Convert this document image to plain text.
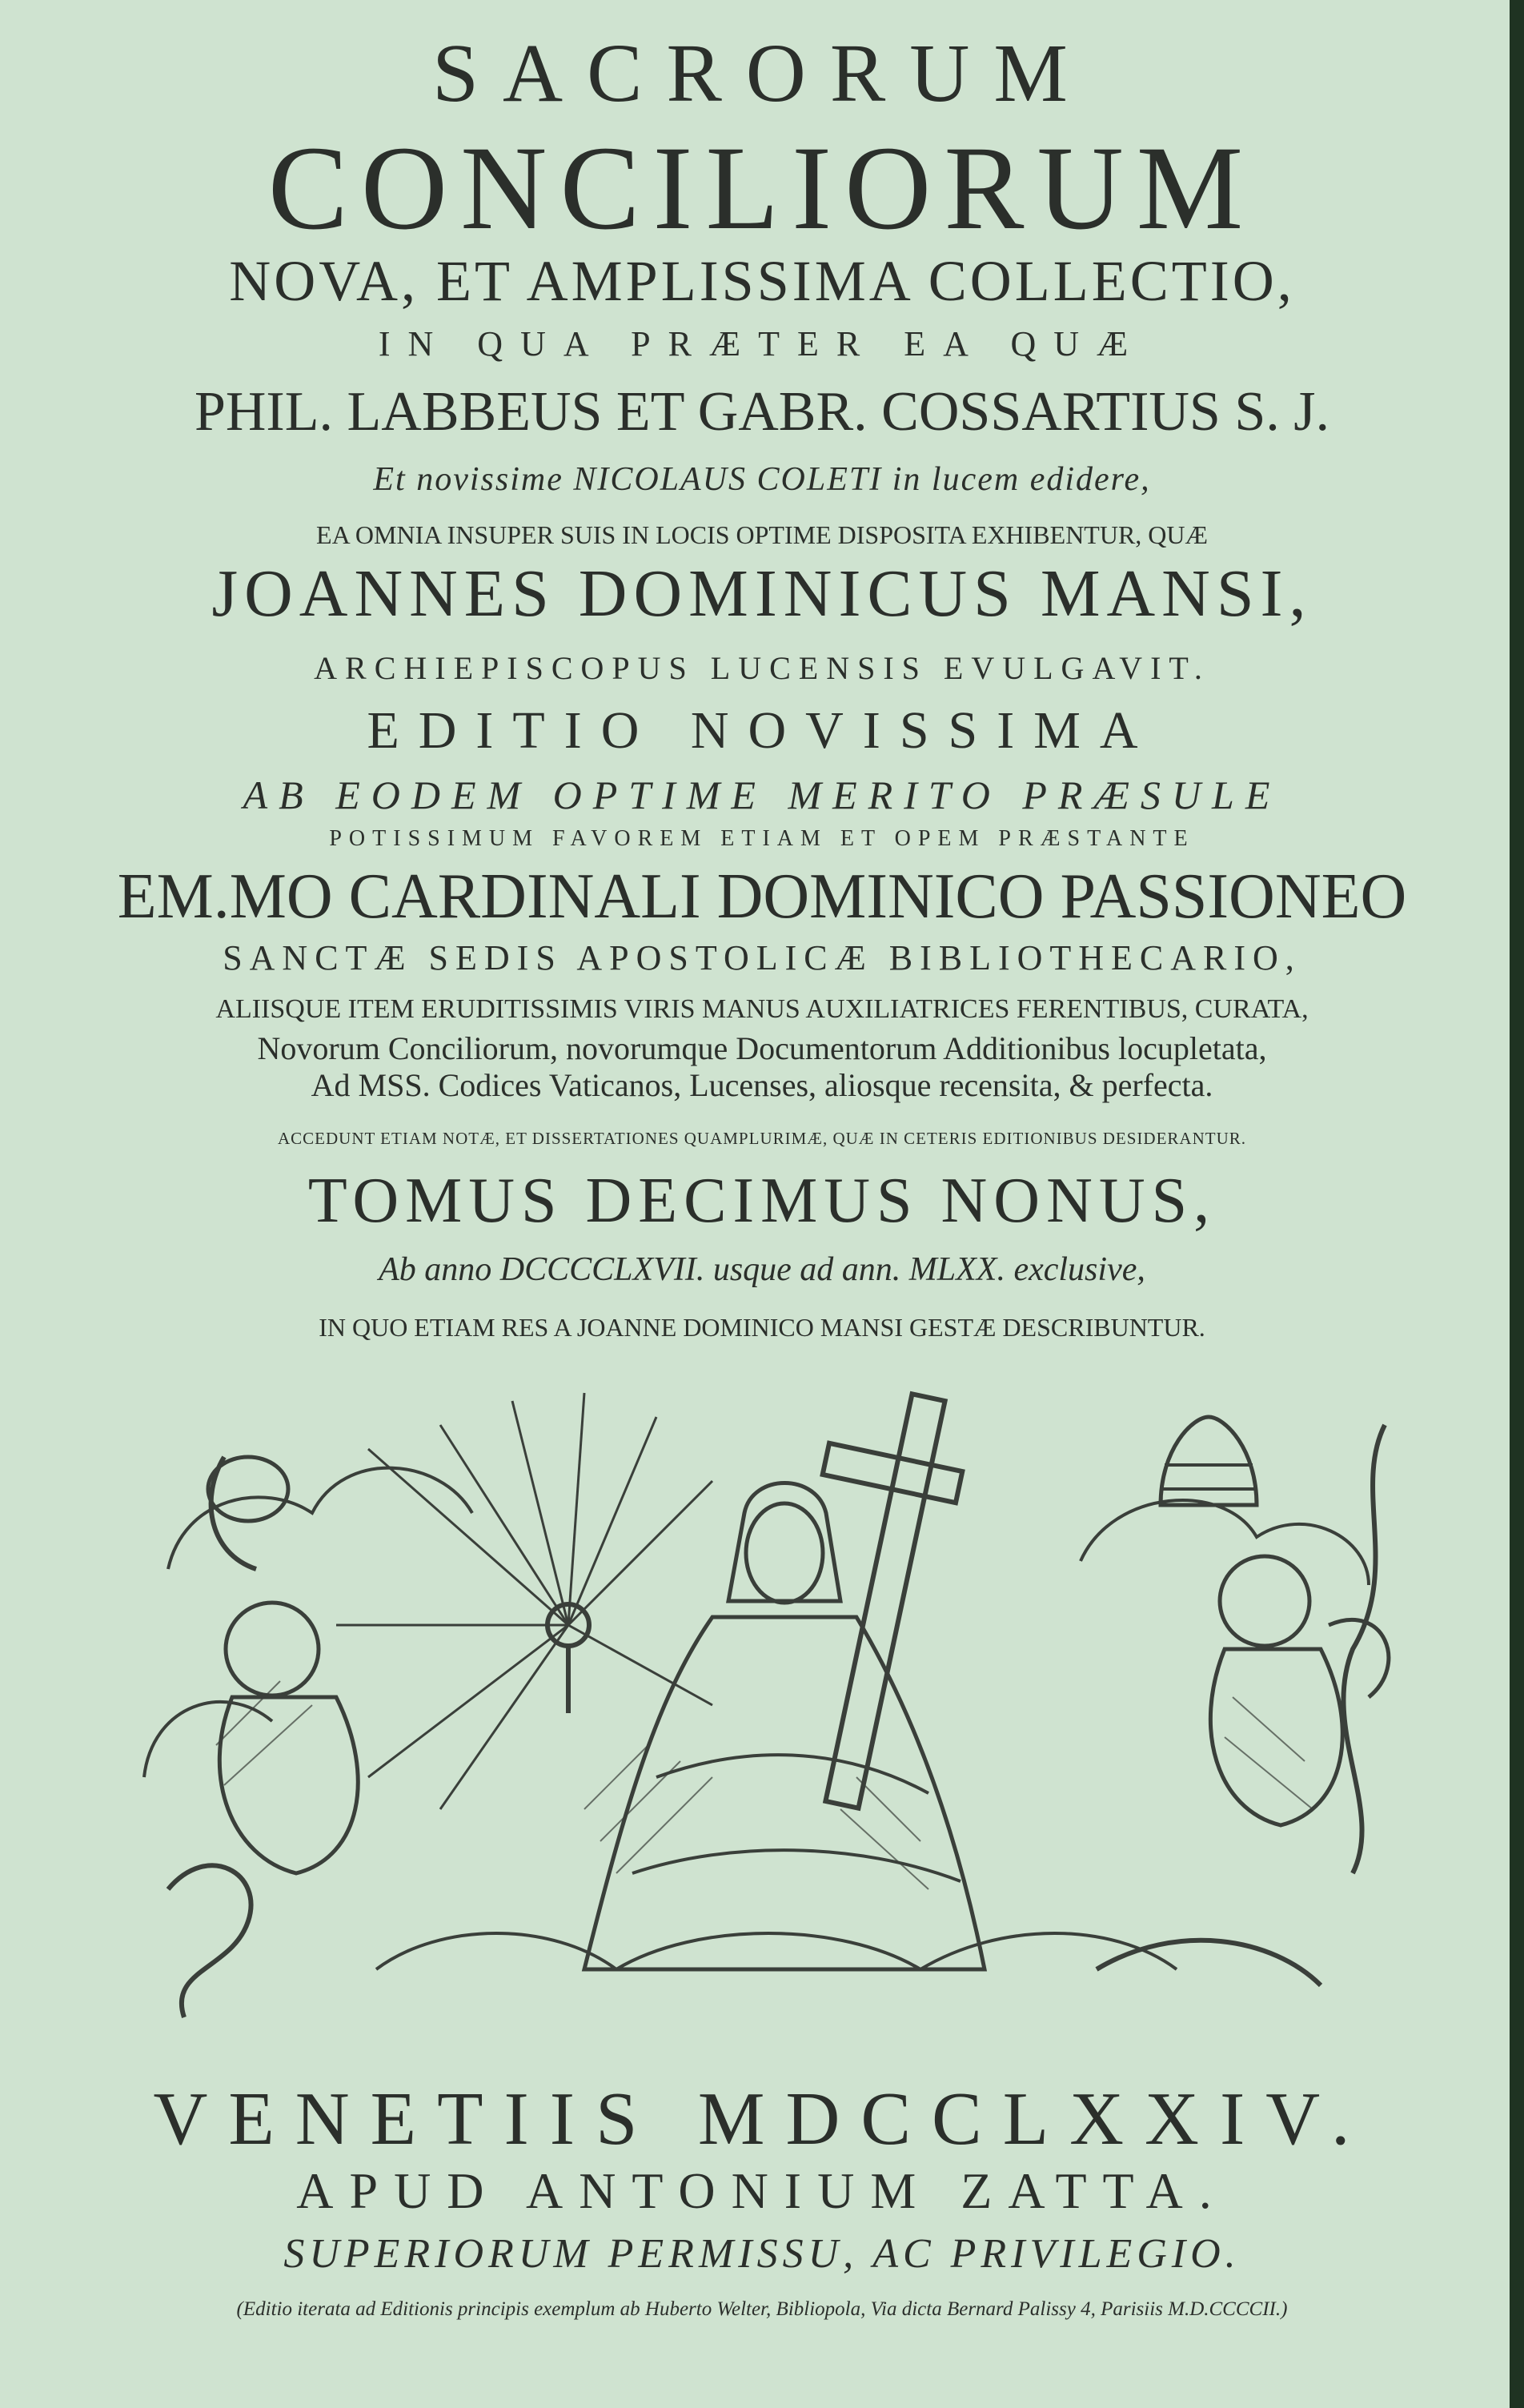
SACRORUM
CONCILIORUM
NOVA, ET AMPLISSIMA COLLECTIO,
IN QUA PRÆTER EA QUÆ
PHIL. LABBEUS ET GABR. COSSARTIUS S. J.
Et novissime NICOLAUS COLETI in lucem edidere,
EA OMNIA INSUPER SUIS IN LOCIS OPTIME DISPOSITA EXHIBENTUR, QUÆ
JOANNES DOMINICUS MANSI,
ARCHIEPISCOPUS LUCENSIS EVULGAVIT.
EDITIO NOVISSIMA
AB EODEM OPTIME MERITO PRÆSULE
POTISSIMUM FAVOREM ETIAM ET OPEM PRÆSTANTE
EM.MO CARDINALI DOMINICO PASSIONEO
SANCTÆ SEDIS APOSTOLICÆ BIBLIOTHECARIO,
ALIISQUE ITEM ERUDITISSIMIS VIRIS MANUS AUXILIATRICES FERENTIBUS, CURATA,
Novorum Conciliorum, novorumque Documentorum Additionibus locupletata,
Ad MSS. Codices Vaticanos, Lucenses, aliosque recensita, & perfecta.
ACCEDUNT ETIAM NOTÆ, ET DISSERTATIONES QUAMPLURIMÆ, QUÆ IN CETERIS EDITIONIBUS DESIDERANTUR.
TOMUS DECIMUS NONUS,
Ab anno DCCCCLXVII. usque ad ann. MLXX. exclusive,
IN QUO ETIAM RES A JOANNE DOMINICO MANSI GESTÆ DESCRIBUNTUR.
VENETIIS MDCCLXXIV.
APUD ANTONIUM ZATTA.
SUPERIORUM PERMISSU, AC PRIVILEGIO.
(Editio iterata ad Editionis principis exemplum ab Huberto Welter, Bibliopola, Via dicta Bernard Palissy 4, Parisiis M.D.CCCCII.)
